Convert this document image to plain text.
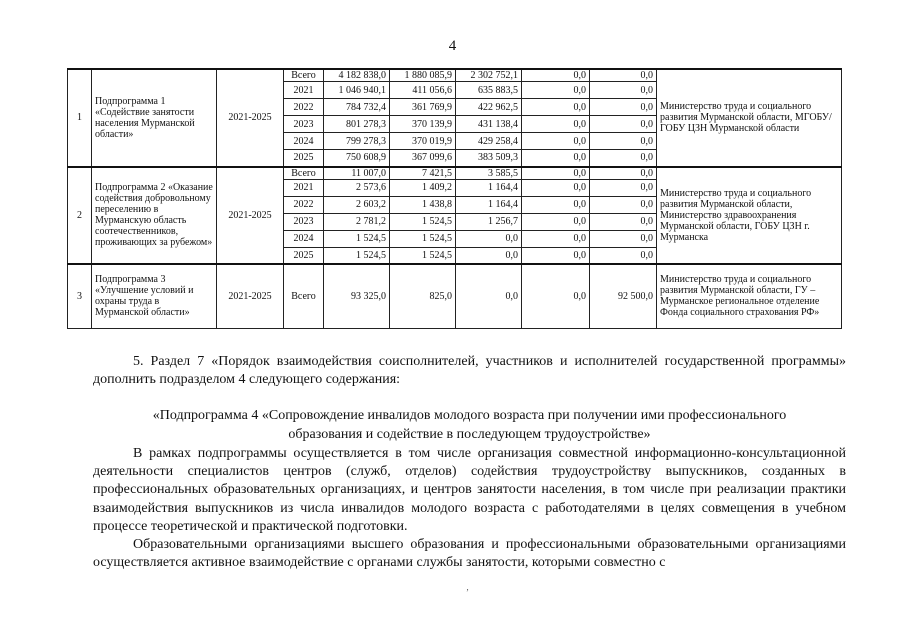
4
1	Подпрограмма 1 «Содействие занятости населения Мурманской области»	2021-2025	Всего	4 182 838,0	1 880 085,9	2 302 752,1	0,0	0,0	Министерство труда и социального развития Мурманской области, МГОБУ/ГОБУ ЦЗН Мурманской области
			2021	1 046 940,1	411 056,6	635 883,5	0,0	0,0	
			2022	784 732,4	361 769,9	422 962,5	0,0	0,0	
			2023	801 278,3	370 139,9	431 138,4	0,0	0,0	
			2024	799 278,3	370 019,9	429 258,4	0,0	0,0	
			2025	750 608,9	367 099,6	383 509,3	0,0	0,0	
2	Подпрограмма 2 «Оказание содействия добровольному переселению в Мурманскую область соотечественников, проживающих за рубежом»	2021-2025	Всего	11 007,0	7 421,5	3 585,5	0,0	0,0	Министерство труда и социального развития Мурманской области, Министерство здравоохранения Мурманской области, ГОБУ ЦЗН г. Мурманска
			2021	2 573,6	1 409,2	1 164,4	0,0	0,0	
			2022	2 603,2	1 438,8	1 164,4	0,0	0,0	
			2023	2 781,2	1 524,5	1 256,7	0,0	0,0	
			2024	1 524,5	1 524,5	0,0	0,0	0,0	
			2025	1 524,5	1 524,5	0,0	0,0	0,0	
3	Подпрограмма 3 «Улучшение условий и охраны труда в Мурманской области»	2021-2025	Всего	93 325,0	825,0	0,0	0,0	92 500,0	Министерство труда и социального развития Мурманской области, ГУ – Мурманское региональное отделение Фонда социального страхования РФ»

5. Раздел 7 «Порядок взаимодействия соисполнителей, участников и исполнителей государственной программы» дополнить подразделом 4 следующего содержания:

«Подпрограмма 4 «Сопровождение инвалидов молодого возраста при получении ими профессионального
образования и содействие в последующем трудоустройстве»

В рамках подпрограммы осуществляется в том числе организация совместной информационно-консультационной деятельности специалистов центров (служб, отделов) содействия трудоустройству выпускников, созданных в профессиональных образовательных организациях, и центров занятости населения, в том числе при реализации практики взаимодействия выпускников из числа инвалидов молодого возраста с работодателями в целях совмещения в учебном процессе теоретической и практической подготовки.

Образовательными организациями высшего образования и профессиональными образовательными организациями осуществляется активное взаимодействие с органами службы занятости, которыми совместно с

‚
